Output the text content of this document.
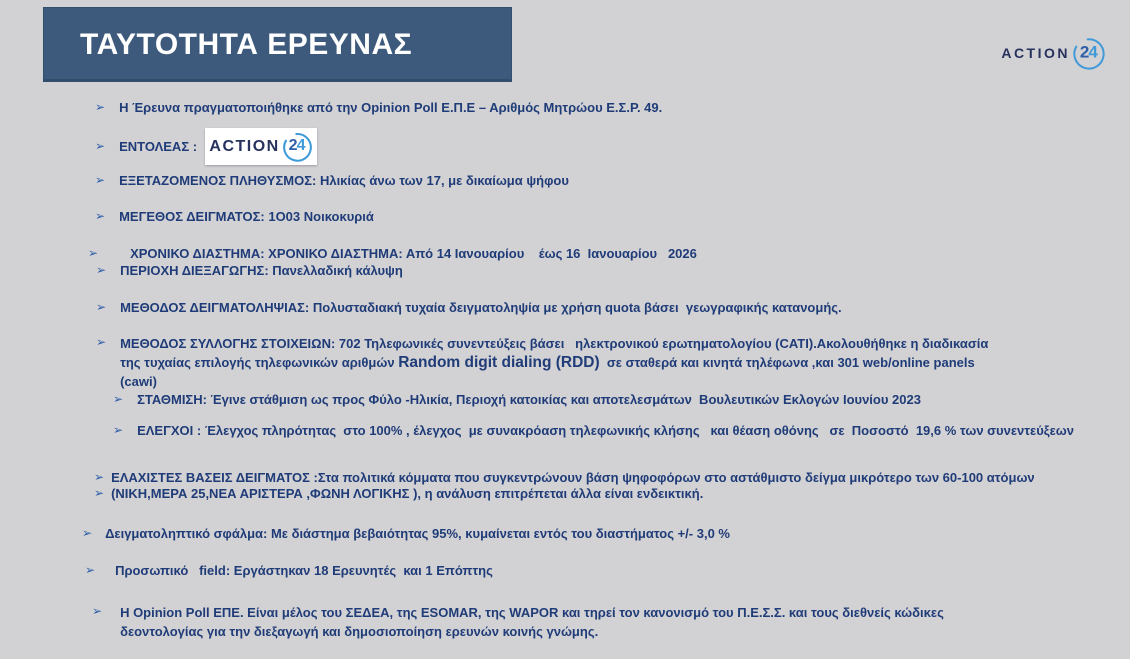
ΤΑΥΤΟΤΗΤΑ ΕΡΕΥΝΑΣ	ACTION 24
➢ Η Έρευνα πραγματοποιήθηκε από την Opinion Poll Ε.Π.Ε – Αριθμός Μητρώου Ε.Σ.Ρ. 49.
➢ ΕΝΤΟΛΕΑΣ : ACTION 24
➢ ΕΞΕΤΑΖΟΜΕΝΟΣ ΠΛΗΘΥΣΜΟΣ: Ηλικίας άνω των 17, με δικαίωμα ψήφου
➢ ΜΕΓΕΘΟΣ ΔΕΙΓΜΑΤΟΣ: 1Ο03 Νοικοκυριά
➢ ΧΡΟΝΙΚΟ ΔΙΑΣΤΗΜΑ: ΧΡΟΝΙΚΟ ΔΙΑΣΤΗΜΑ: Από 14 Ιανουαρίου    έως 16  Ιανουαρίου   2026
➢ ΠΕΡΙΟΧΗ ΔΙΕΞΑΓΩΓΗΣ: Πανελλαδική κάλυψη
➢ ΜΕΘΟΔΟΣ ΔΕΙΓΜΑΤΟΛΗΨΙΑΣ: Πολυσταδιακή τυχαία δειγματοληψία με χρήση quota βάσει  γεωγραφικής κατανομής.
➢ ΜΕΘΟΔΟΣ ΣΥΛΛΟΓΗΣ ΣΤΟΙΧΕΙΩΝ: 702 Τηλεφωνικές συνεντεύξεις βάσει   ηλεκτρονικού ερωτηματολογίου (CATI).Ακολουθήθηκε η διαδικασία της τυχαίας επιλογής τηλεφωνικών αριθμών Random digit dialing (RDD)  σε σταθερά και κινητά τηλέφωνα ,και 301 web/online panels (cawi)
➢ ΣΤΑΘΜΙΣΗ: Έγινε στάθμιση ως προς Φύλο -Ηλικία, Περιοχή κατοικίας και αποτελεσμάτων  Βουλευτικών Εκλογών Ιουνίου 2023
➢ ΕΛΕΓΧΟΙ : Έλεγχος πληρότητας  στο 100% , έλεγχος  με συνακρόαση τηλεφωνικής κλήσης   και θέαση οθόνης   σε  Ποσοστό  19,6 % των συνεντεύξεων
➢ ΕΛΑΧΙΣΤΕΣ ΒΑΣΕΙΣ ΔΕΙΓΜΑΤΟΣ :Στα πολιτικά κόμματα που συγκεντρώνουν βάση ψηφοφόρων στο αστάθμιστο δείγμα μικρότερο των 60-100 ατόμων
➢ (ΝΙΚΗ,ΜΕΡΑ 25,ΝΕΑ ΑΡΙΣΤΕΡΑ ,ΦΩΝΗ ΛΟΓΙΚΗΣ ), η ανάλυση επιτρέπεται άλλα είναι ενδεικτική.
➢ Δειγματοληπτικό σφάλμα: Με διάστημα βεβαιότητας 95%, κυμαίνεται εντός του διαστήματος +/- 3,0 %
➢ Προσωπικό   field: Εργάστηκαν 18 Ερευνητές  και 1 Επόπτης
➢ Η Opinion Poll ΕΠΕ. Είναι μέλος του ΣΕΔΕΑ, της ESOMAR, της WAPOR και τηρεί τον κανονισμό του Π.Ε.Σ.Σ. και τους διεθνείς κώδικες δεοντολογίας για την διεξαγωγή και δημοσιοποίηση ερευνών κοινής γνώμης.
